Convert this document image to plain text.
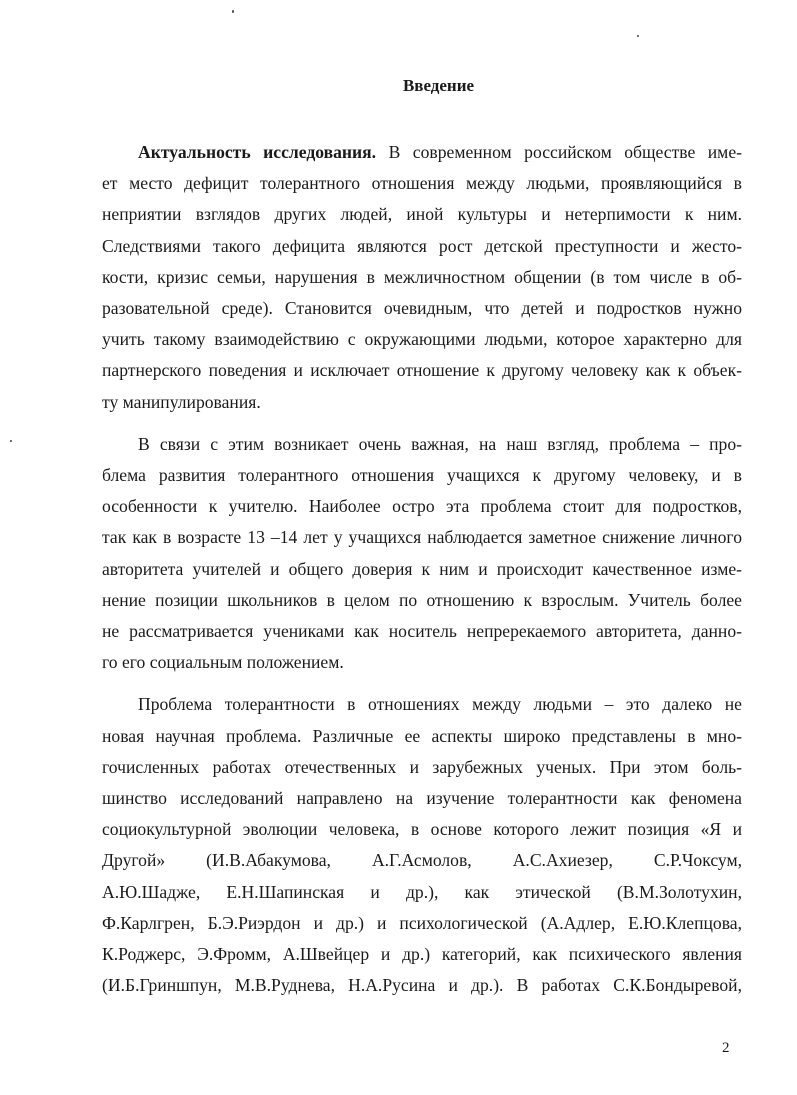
Введение

Актуальность исследования. В современном российском обществе име-
ет место дефицит толерантного отношения между людьми, проявляющийся в
неприятии взглядов других людей, иной культуры и нетерпимости к ним.
Следствиями такого дефицита являются рост детской преступности и жесто-
кости, кризис семьи, нарушения в межличностном общении (в том числе в об-
разовательной среде). Становится очевидным, что детей и подростков нужно
учить такому взаимодействию с окружающими людьми, которое характерно для
партнерского поведения и исключает отношение к другому человеку как к объек-
ту манипулирования.

В связи с этим возникает очень важная, на наш взгляд, проблема – про-
блема развития толерантного отношения учащихся к другому человеку, и в
особенности к учителю. Наиболее остро эта проблема стоит для подростков,
так как в возрасте 13 –14 лет у учащихся наблюдается заметное снижение личного
авторитета учителей и общего доверия к ним и происходит качественное изме-
нение позиции школьников в целом по отношению к взрослым. Учитель более
не рассматривается учениками как носитель непререкаемого авторитета, данно-
го его социальным положением.

Проблема толерантности в отношениях между людьми – это далеко не
новая научная проблема. Различные ее аспекты широко представлены в мно-
гочисленных работах отечественных и зарубежных ученых. При этом боль-
шинство исследований направлено на изучение толерантности как феномена
социокультурной эволюции человека, в основе которого лежит позиция «Я и
Другой» (И.В.Абакумова, А.Г.Асмолов, А.С.Ахиезер, С.Р.Чоксум,
А.Ю.Шадже, Е.Н.Шапинская и др.), как этической (В.М.Золотухин,
Ф.Карлгрен, Б.Э.Риэрдон и др.) и психологической (А.Адлер, Е.Ю.Клепцова,
К.Роджерс, Э.Фромм, А.Швейцер и др.) категорий, как психического явления
(И.Б.Гриншпун, М.В.Руднева, Н.А.Русина и др.). В работах С.К.Бондыревой,

2
